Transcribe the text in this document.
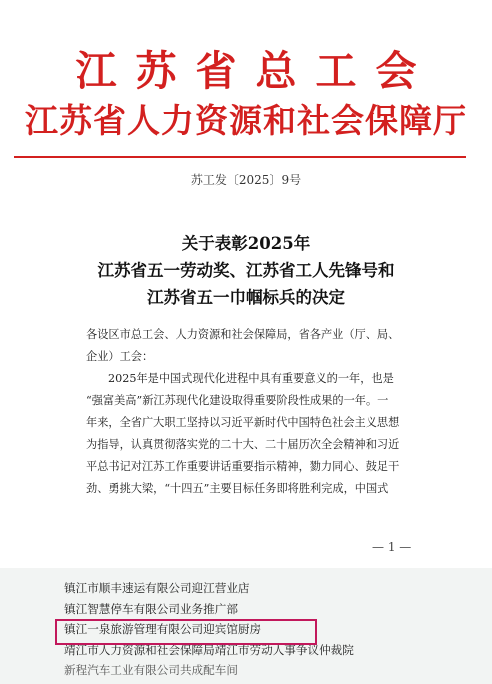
江苏省总工会
江苏省人力资源和社会保障厅
苏工发〔2025〕9号
关于表彰2025年
江苏省五一劳动奖、江苏省工人先锋号和
江苏省五一巾帼标兵的决定
各设区市总工会、人力资源和社会保障局，省各产业（厅、局、
企业）工会：
2025年是中国式现代化进程中具有重要意义的一年，也是
“强富美高”新江苏现代化建设取得重要阶段性成果的一年。一
年来，全省广大职工坚持以习近平新时代中国特色社会主义思想
为指导，认真贯彻落实党的二十大、二十届历次全会精神和习近
平总书记对江苏工作重要讲话重要指示精神，勠力同心、鼓足干
劲、勇挑大梁，“十四五”主要目标任务即将胜利完成，中国式
— 1 —
镇江市顺丰速运有限公司迎江营业店
镇江智慧停车有限公司业务推广部
镇江一泉旅游管理有限公司迎宾馆厨房
靖江市人力资源和社会保障局靖江市劳动人事争议仲裁院
新程汽车工业有限公司共成配车间
